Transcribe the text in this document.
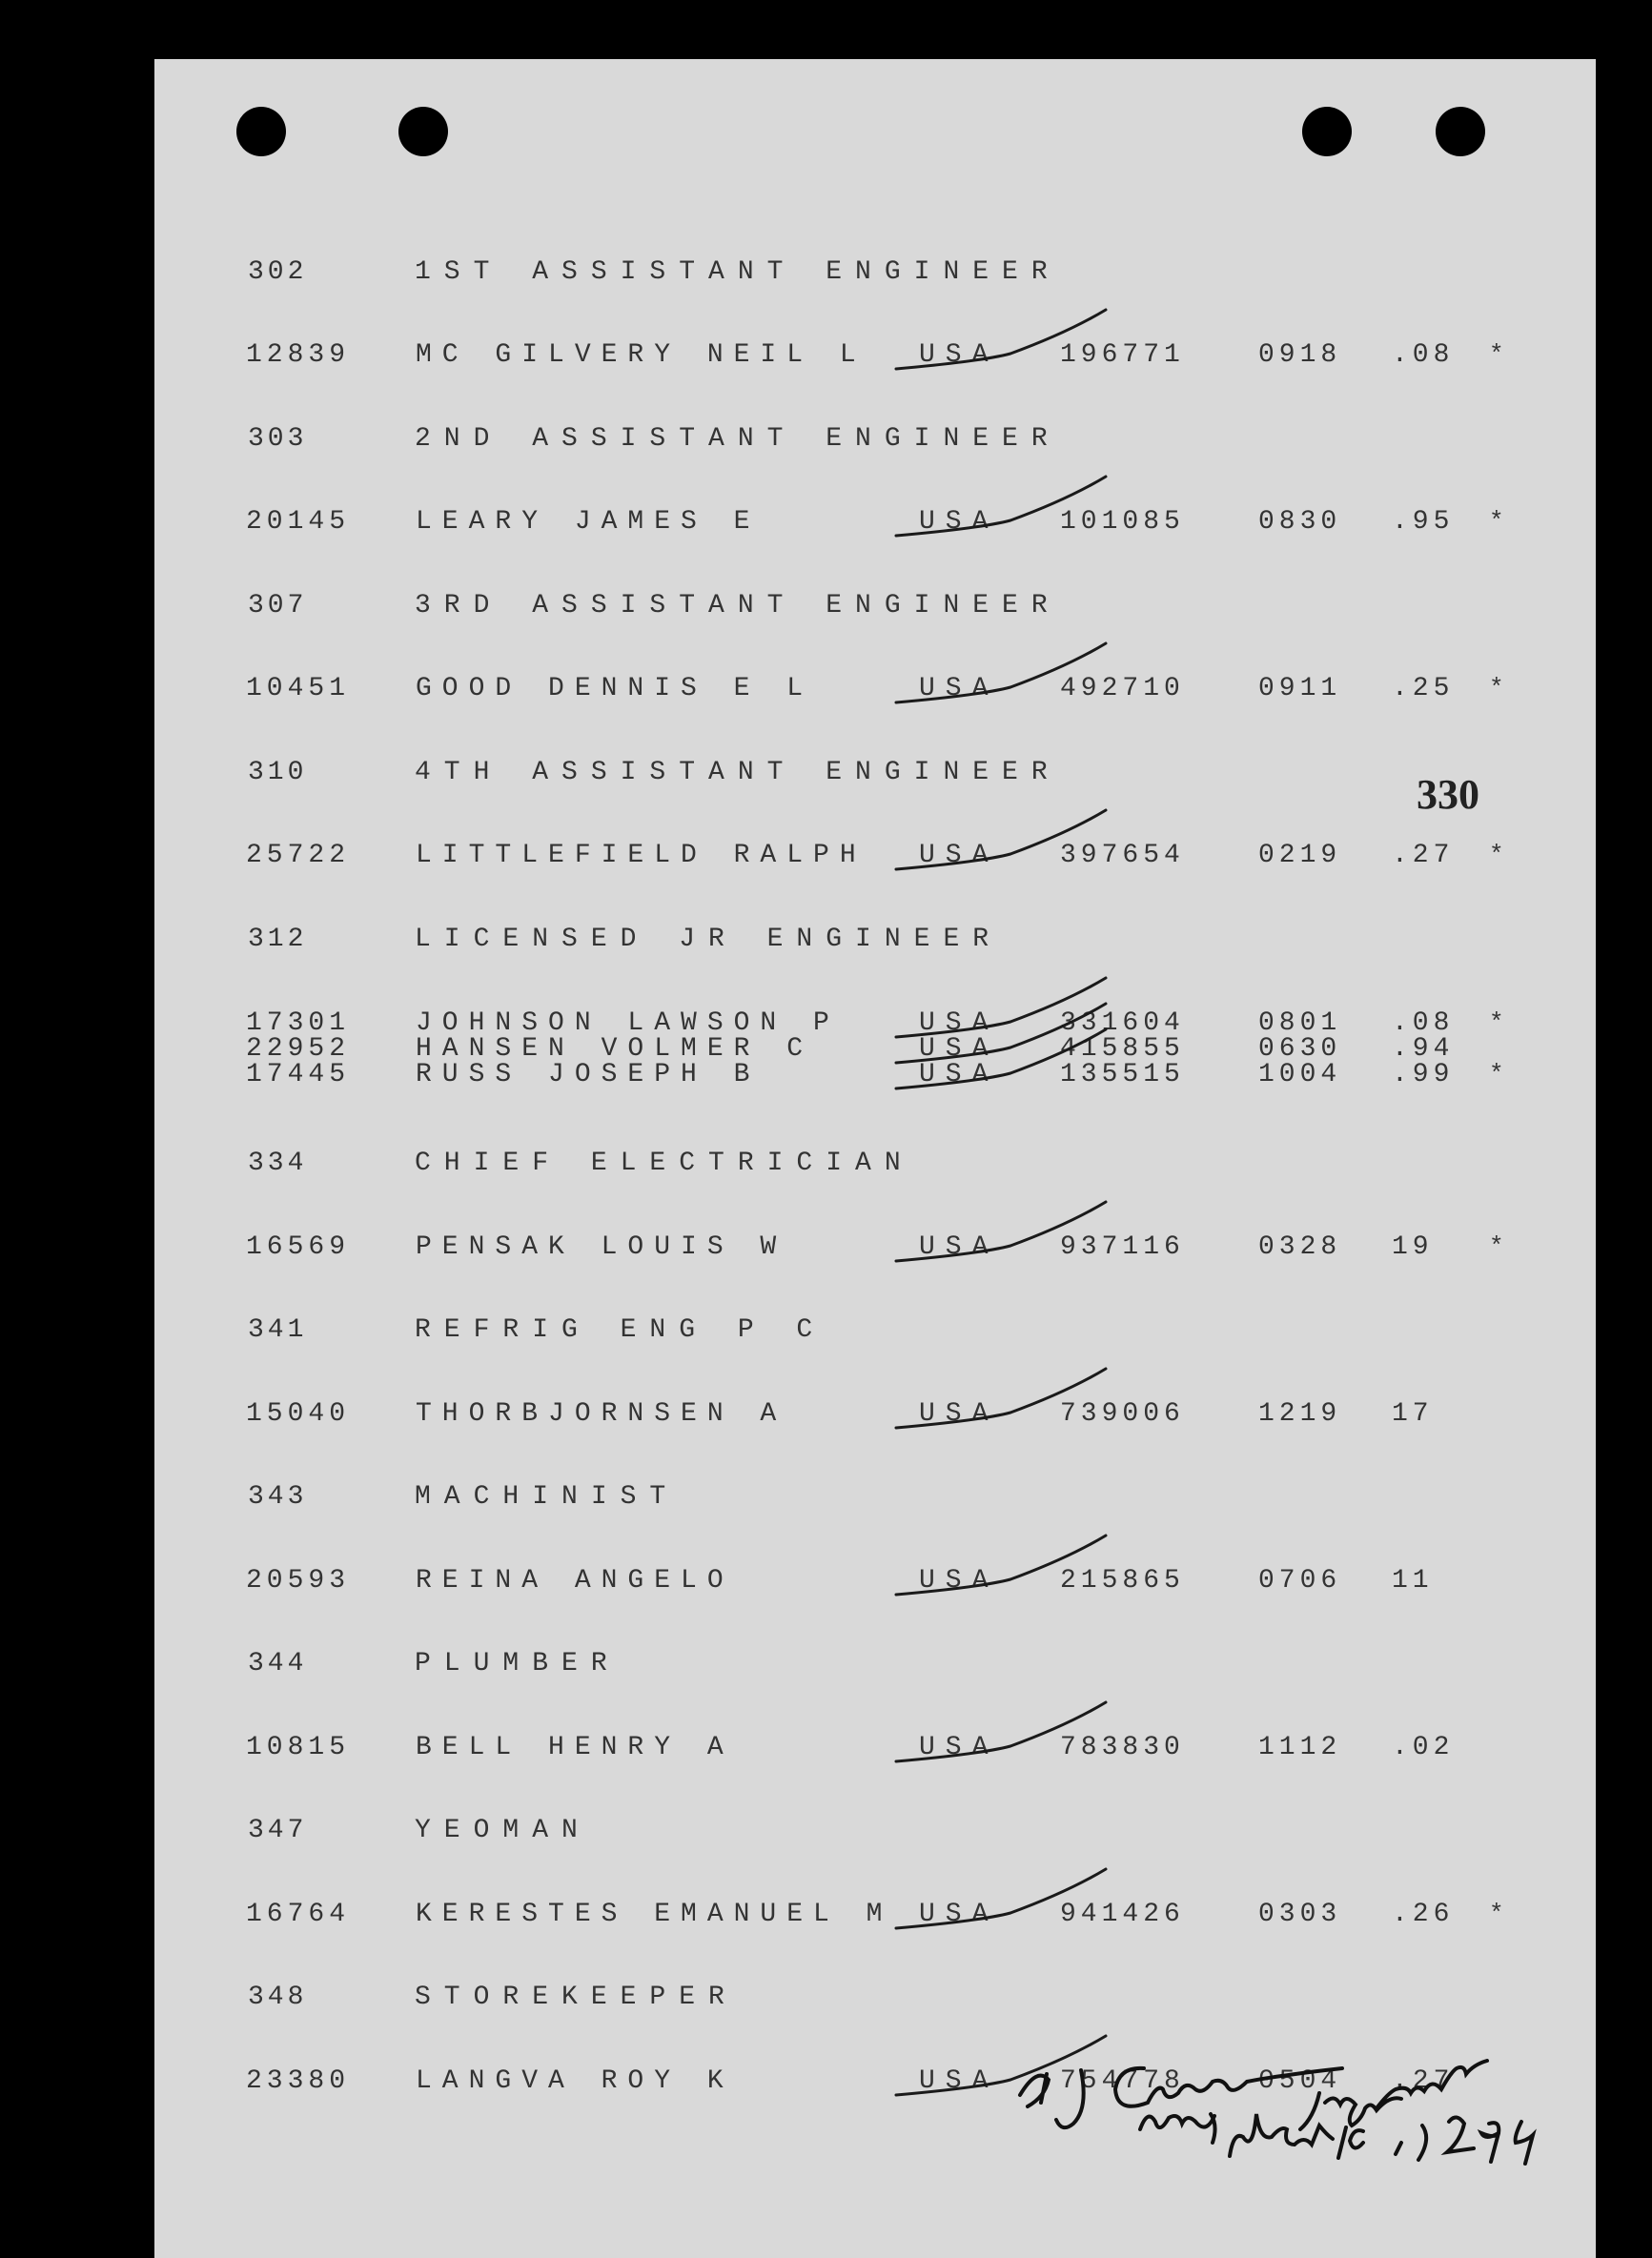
330
302	1ST ASSISTANT ENGINEER
12839 MC GILVERY NEIL L USA 196771	0918 .08 *
303	2ND ASSISTANT ENGINEER
20145 LEARY JAMES E	USA 101085	0830 .95 *
307	3RD ASSISTANT ENGINEER
10451 GOOD DENNIS E L	USA 492710	0911 .25 *
310	4TH ASSISTANT ENGINEER
25722 LITTLEFIELD RALPH USA 397654	0219 .27 *
312	LICENSED JR ENGINEER
17301 JOHNSON LAWSON P	USA 331604	0801 .08 *
22952 HANSEN VOLMER C	USA 415855	0630 .94
17445 RUSS JOSEPH B	USA 135515	1004 .99 *
334	CHIEF ELECTRICIAN
16569 PENSAK LOUIS W	USA 937116	0328 19 *
341	REFRIG ENG P C
15040 THORBJORNSEN A	USA 739006	1219 17
343	MACHINIST
20593 REINA ANGELO	USA 215865	0706 11
344	PLUMBER
10815 BELL HENRY A	USA 783830	1112 .02
347	YEOMAN
16764 KERESTES EMANUEL M USA 941426	0303 .26 *
348	STOREKEEPER
23380 LANGVA ROY K	USA 754778	0504 .27
